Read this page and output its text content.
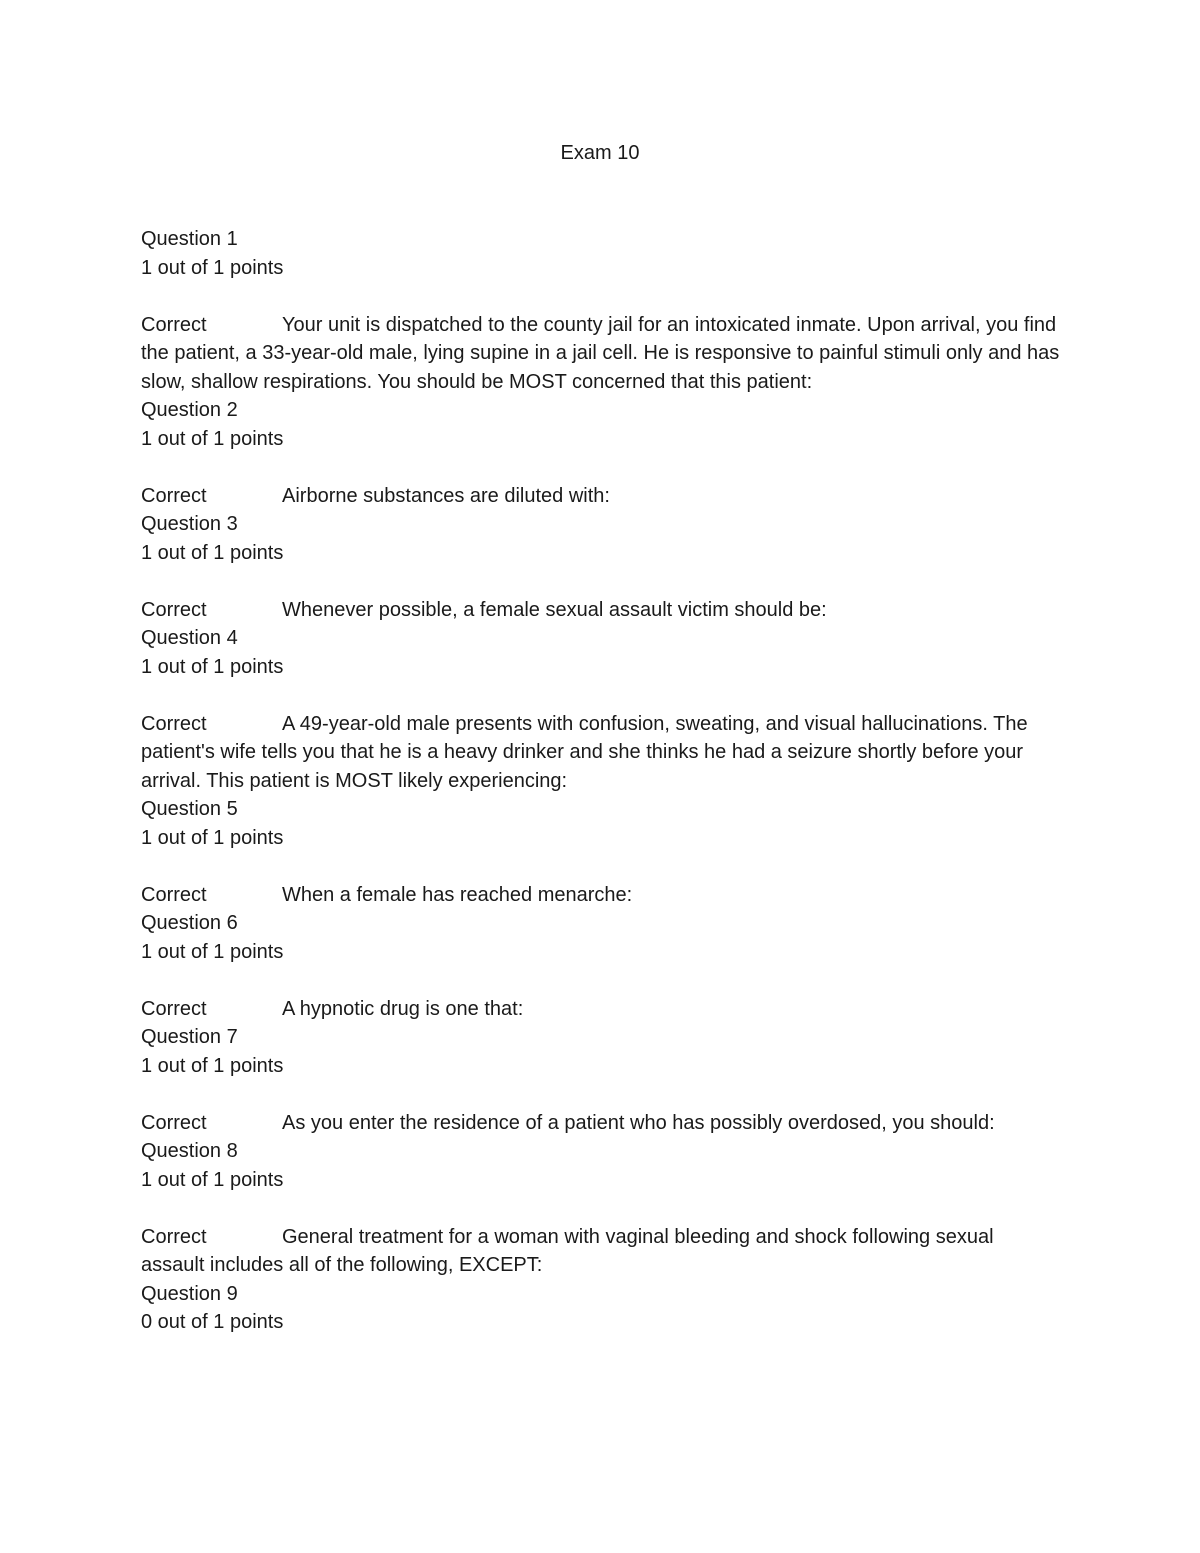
Exam 10
Question 1
1 out of 1 points
Correct	Your unit is dispatched to the county jail for an intoxicated inmate. Upon arrival, you find the patient, a 33-year-old male, lying supine in a jail cell. He is responsive to painful stimuli only and has slow, shallow respirations. You should be MOST concerned that this patient:
Question 2
1 out of 1 points
Correct	Airborne substances are diluted with:
Question 3
1 out of 1 points
Correct	Whenever possible, a female sexual assault victim should be:
Question 4
1 out of 1 points
Correct	A 49-year-old male presents with confusion, sweating, and visual hallucinations. The patient's wife tells you that he is a heavy drinker and she thinks he had a seizure shortly before your arrival. This patient is MOST likely experiencing:
Question 5
1 out of 1 points
Correct	When a female has reached menarche:
Question 6
1 out of 1 points
Correct	A hypnotic drug is one that:
Question 7
1 out of 1 points
Correct	As you enter the residence of a patient who has possibly overdosed, you should:
Question 8
1 out of 1 points
Correct	General treatment for a woman with vaginal bleeding and shock following sexual assault includes all of the following, EXCEPT:
Question 9
0 out of 1 points
